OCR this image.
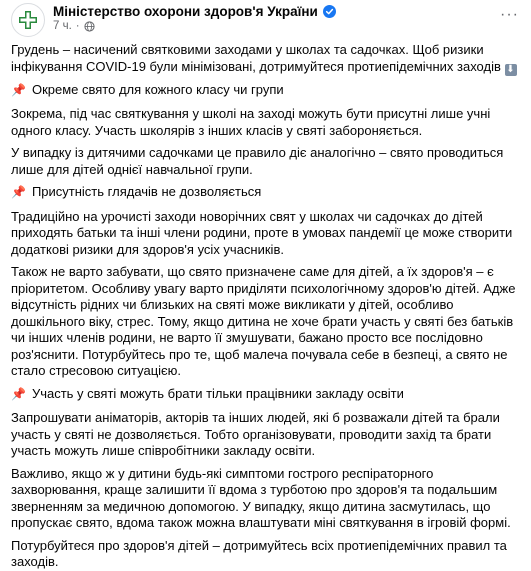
Міністерство охорони здоров'я України
7 ч. ·
···

Грудень – насичений святковими заходами у школах та садочках. Щоб ризики інфікування COVID-19 були мінімізовані, дотримуйтеся протиепідемічних заходів ⬇

📌 Окреме свято для кожного класу чи групи

Зокрема, під час святкування у школі на заході можуть бути присутні лише учні одного класу. Участь школярів з інших класів у святі забороняється.

У випадку із дитячими садочками це правило діє аналогічно – свято проводиться лише для дітей однієї навчальної групи.

📌 Присутність глядачів не дозволяється

Традиційно на урочисті заходи новорічних свят у школах чи садочках до дітей приходять батьки та інші члени родини, проте в умовах пандемії це може створити додаткові ризики для здоров'я усіх учасників.

Також не варто забувати, що свято призначене саме для дітей, а їх здоров'я – є пріоритетом. Особливу увагу варто приділяти психологічному здоров'ю дітей. Адже відсутність рідних чи близьких на святі може викликати у дітей, особливо дошкільного віку, стрес. Тому, якщо дитина не хоче брати участь у святі без батьків чи інших членів родини, не варто її змушувати, бажано просто все послідовно роз'яснити. Потурбуйтесь про те, щоб малеча почувала себе в безпеці, а свято не стало стресовою ситуацією.

📌 Участь у святі можуть брати тільки працівники закладу освіти

Запрошувати аніматорів, акторів та інших людей, які б розважали дітей та брали участь у святі не дозволяється. Тобто організовувати, проводити захід та брати участь можуть лише співробітники закладу освіти.

Важливо, якщо ж у дитини будь-які симптоми гострого респіраторного захворювання, краще залишити її вдома з турботою про здоров'я та подальшим зверненням за медичною допомогою. У випадку, якщо дитина засмутилась, що пропускає свято, вдома також можна влаштувати міні святкування в ігровій формі.

Потурбуйтеся про здоров'я дітей – дотримуйтесь всіх протиепідемічних правил та заходів.
